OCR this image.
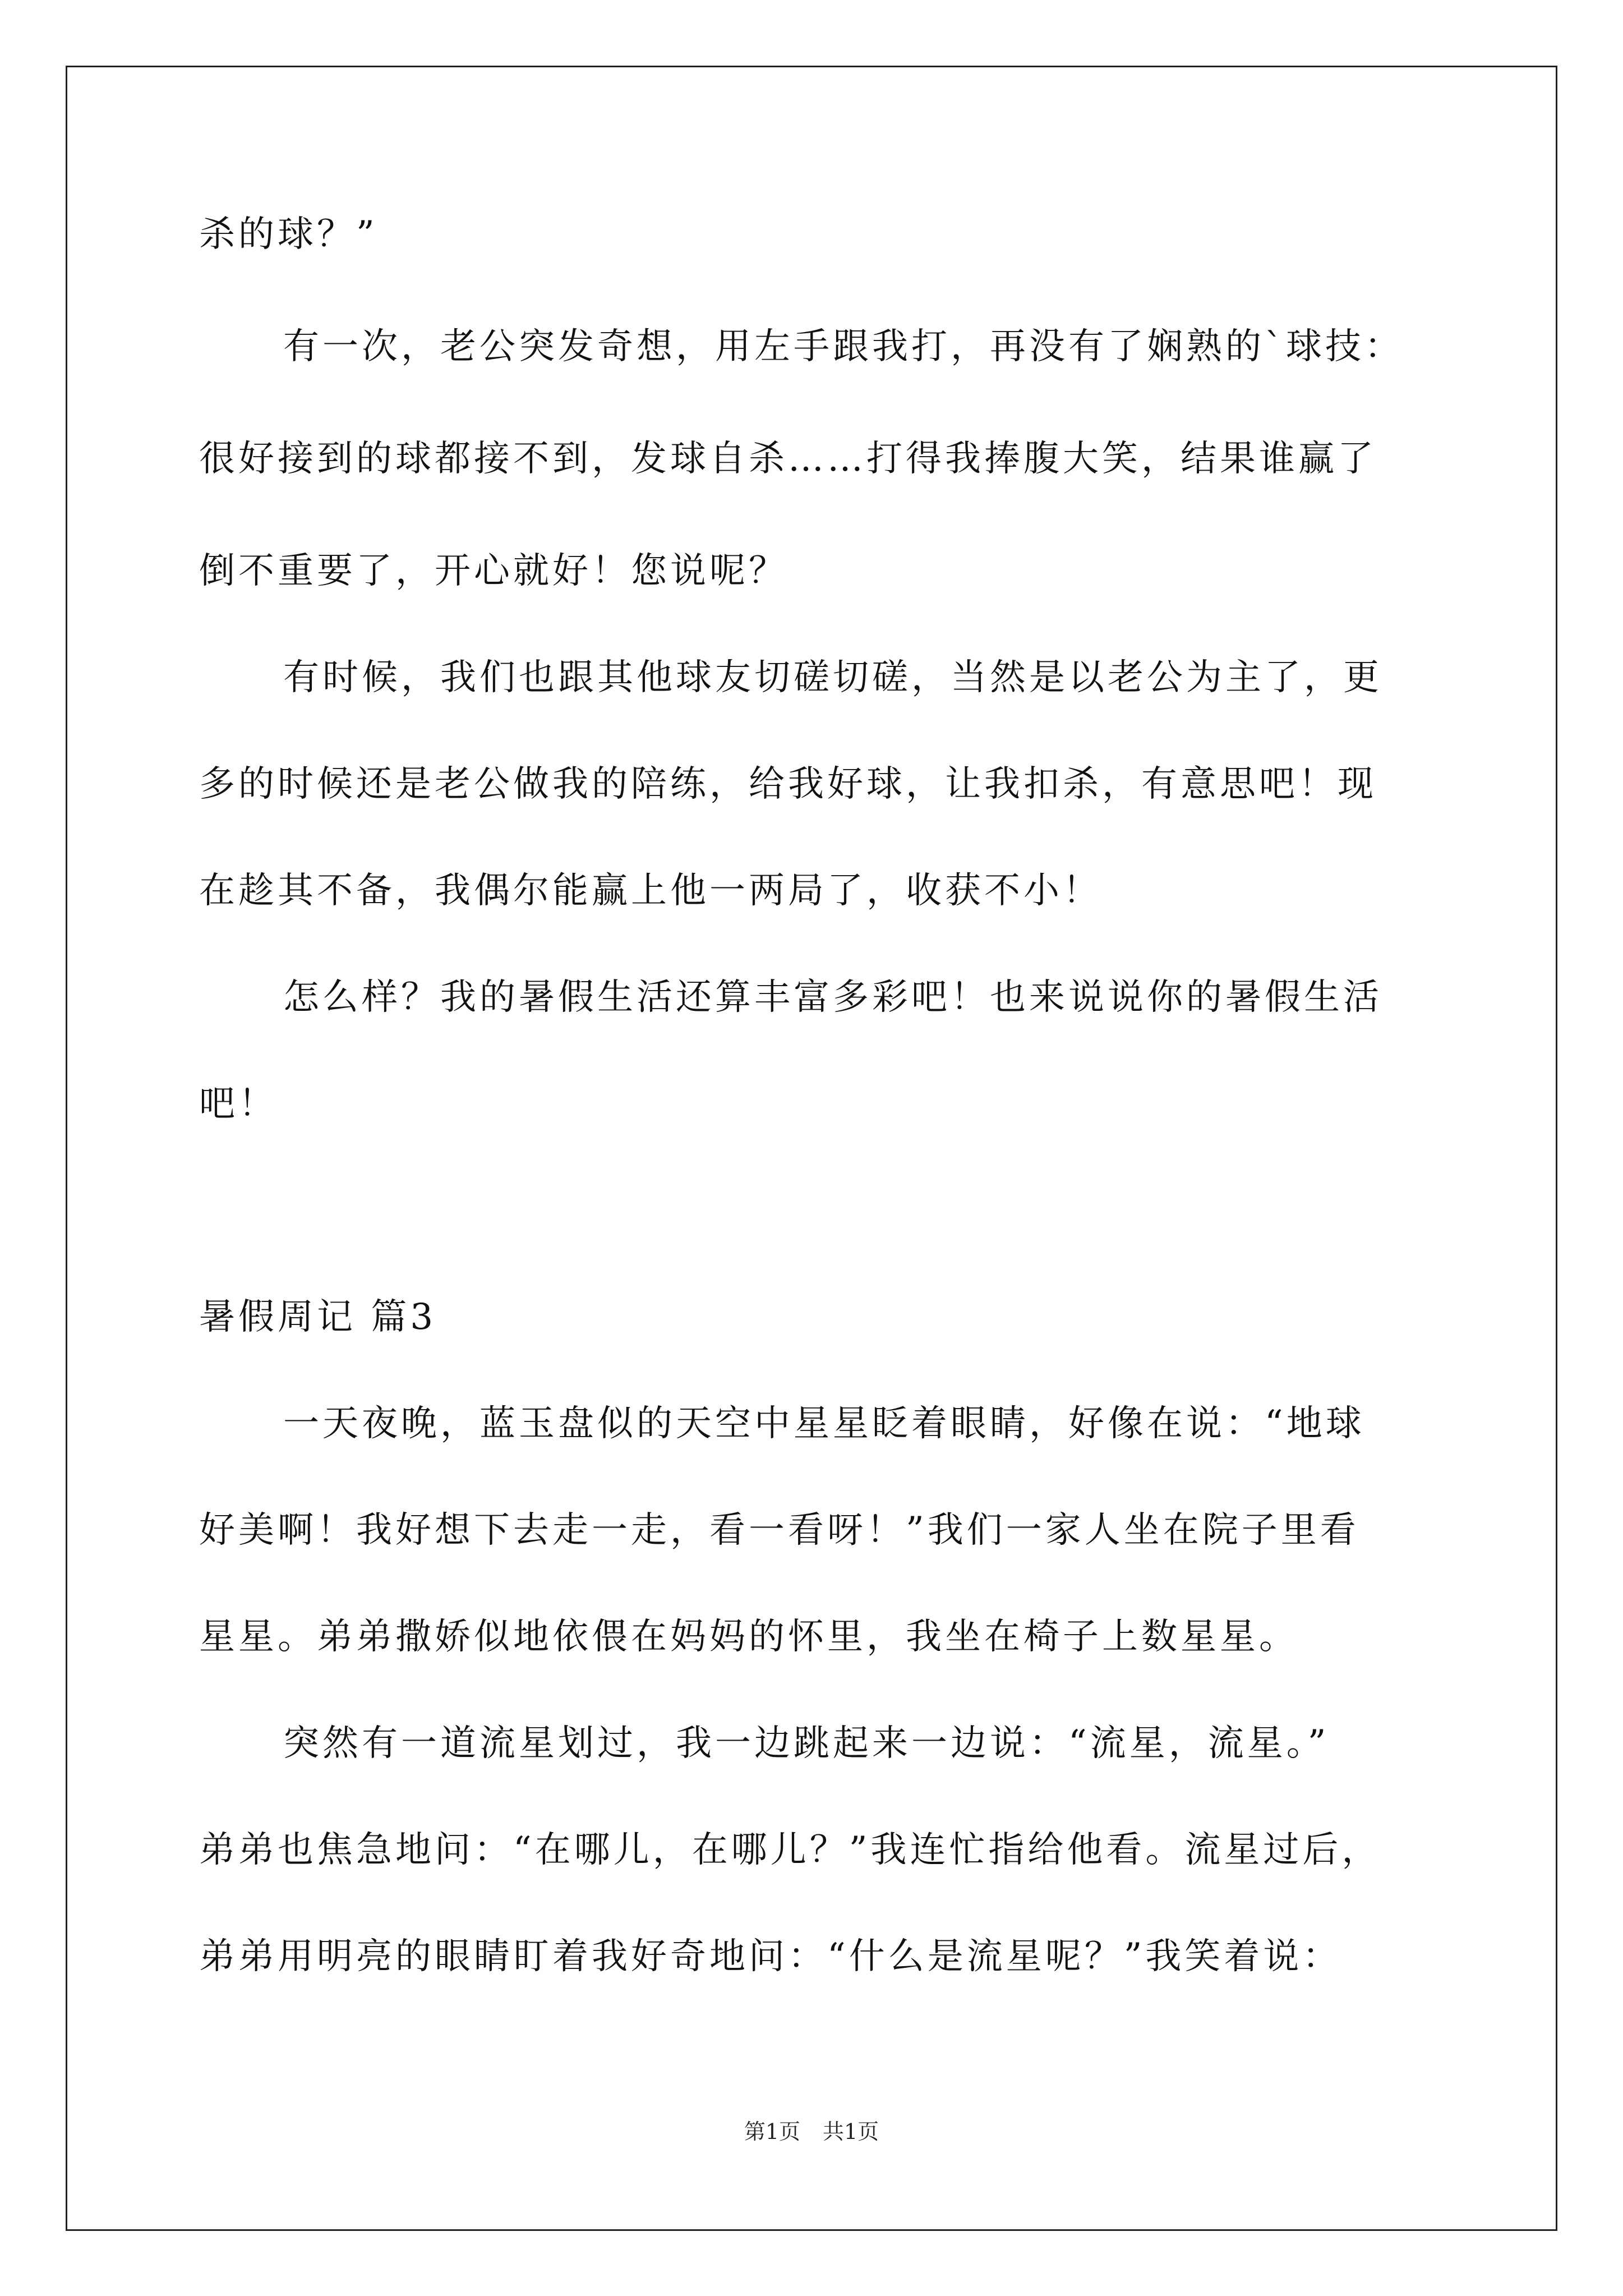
杀的球？”
有一次，老公突发奇想，用左手跟我打，再没有了娴熟的`球技：
很好接到的球都接不到，发球自杀……打得我捧腹大笑，结果谁赢了
倒不重要了，开心就好！您说呢？
有时候，我们也跟其他球友切磋切磋，当然是以老公为主了，更
多的时候还是老公做我的陪练，给我好球，让我扣杀，有意思吧！现
在趁其不备，我偶尔能赢上他一两局了，收获不小！
怎么样？我的暑假生活还算丰富多彩吧！也来说说你的暑假生活
吧！
暑假周记 篇3
一天夜晚，蓝玉盘似的天空中星星眨着眼睛，好像在说：“地球
好美啊！我好想下去走一走，看一看呀！”我们一家人坐在院子里看
星星。弟弟撒娇似地依偎在妈妈的怀里，我坐在椅子上数星星。
突然有一道流星划过，我一边跳起来一边说：“流星，流星。”
弟弟也焦急地问：“在哪儿，在哪儿？”我连忙指给他看。流星过后，
弟弟用明亮的眼睛盯着我好奇地问：“什么是流星呢？”我笑着说：
第1页 共1页
